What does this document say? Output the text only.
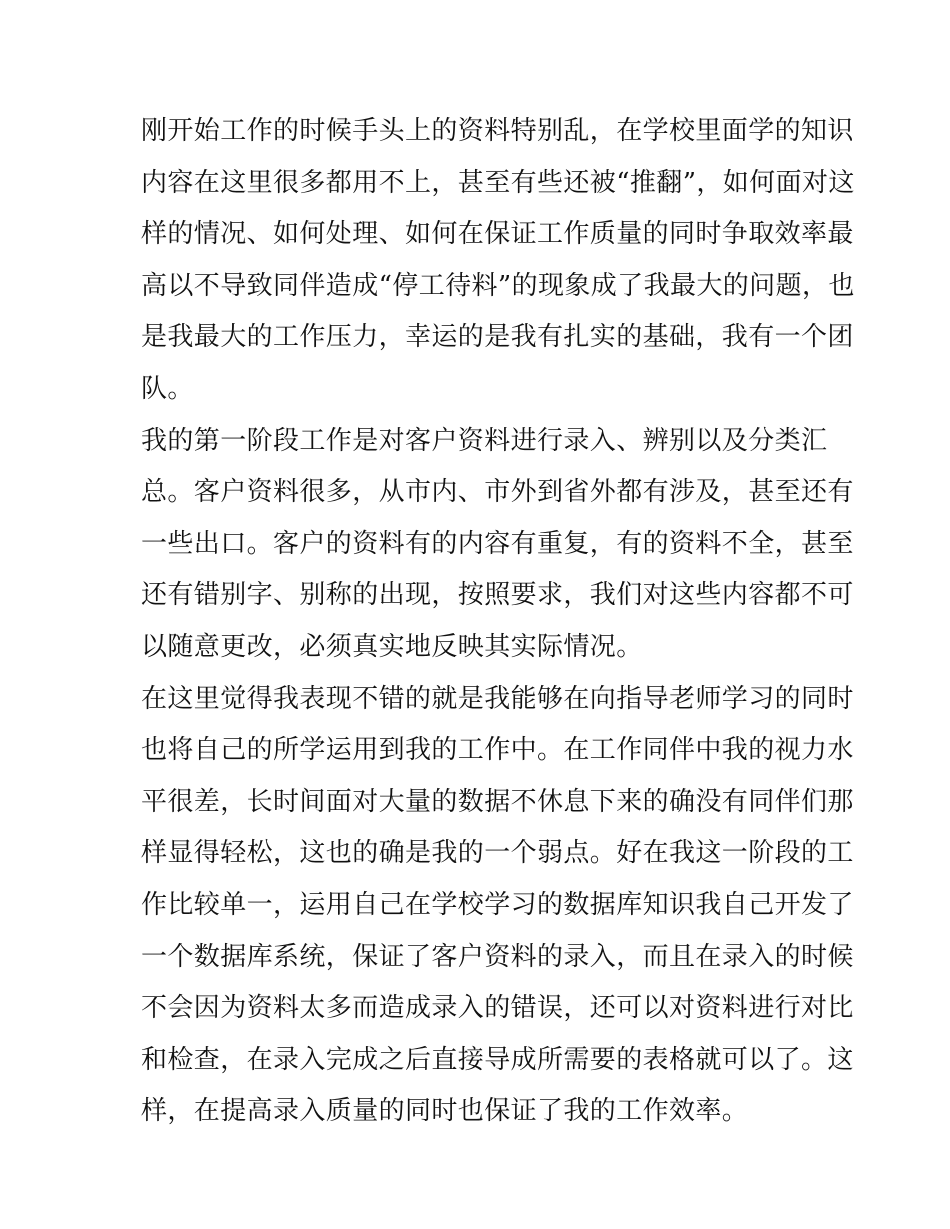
刚开始工作的时候手头上的资料特别乱，在学校里面学的知识
内容在这里很多都用不上，甚至有些还被“推翻”，如何面对这
样的情况、如何处理、如何在保证工作质量的同时争取效率最
高以不导致同伴造成“停工待料”的现象成了我最大的问题，也
是我最大的工作压力，幸运的是我有扎实的基础，我有一个团
队。
我的第一阶段工作是对客户资料进行录入、辨别以及分类汇
总。客户资料很多，从市内、市外到省外都有涉及，甚至还有
一些出口。客户的资料有的内容有重复，有的资料不全，甚至
还有错别字、别称的出现，按照要求，我们对这些内容都不可
以随意更改，必须真实地反映其实际情况。
在这里觉得我表现不错的就是我能够在向指导老师学习的同时
也将自己的所学运用到我的工作中。在工作同伴中我的视力水
平很差，长时间面对大量的数据不休息下来的确没有同伴们那
样显得轻松，这也的确是我的一个弱点。好在我这一阶段的工
作比较单一，运用自己在学校学习的数据库知识我自己开发了
一个数据库系统，保证了客户资料的录入，而且在录入的时候
不会因为资料太多而造成录入的错误，还可以对资料进行对比
和检查，在录入完成之后直接导成所需要的表格就可以了。这
样，在提高录入质量的同时也保证了我的工作效率。
